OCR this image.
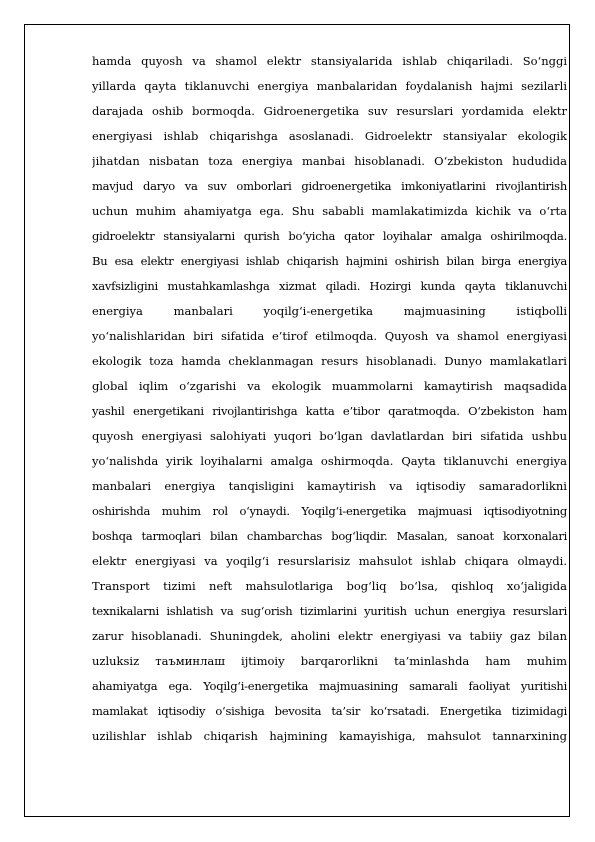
hamda quyosh va shamol elektr stansiyalarida ishlab chiqariladi. So‘nggi
yillarda qayta tiklanuvchi energiya manbalaridan foydalanish hajmi sezilarli
darajada oshib bormoqda. Gidroenergetika suv resurslari yordamida elektr
energiyasi ishlab chiqarishga asoslanadi. Gidroelektr stansiyalar ekologik
jihatdan nisbatan toza energiya manbai hisoblanadi. O‘zbekiston hududida
mavjud daryo va suv omborlari gidroenergetika imkoniyatlarini rivojlantirish
uchun muhim ahamiyatga ega. Shu sababli mamlakatimizda kichik va o‘rta
gidroelektr stansiyalarni qurish bo‘yicha qator loyihalar amalga oshirilmoqda.
Bu esa elektr energiyasi ishlab chiqarish hajmini oshirish bilan birga energiya
xavfsizligini mustahkamlashga xizmat qiladi. Hozirgi kunda qayta tiklanuvchi
energiya manbalari yoqilg‘i-energetika majmuasining istiqbolli
yo‘nalishlaridan biri sifatida e’tirof etilmoqda. Quyosh va shamol energiyasi
ekologik toza hamda cheklanmagan resurs hisoblanadi. Dunyo mamlakatlari
global iqlim o‘zgarishi va ekologik muammolarni kamaytirish maqsadida
yashil energetikani rivojlantirishga katta e’tibor qaratmoqda. O‘zbekiston ham
quyosh energiyasi salohiyati yuqori bo‘lgan davlatlardan biri sifatida ushbu
yo‘nalishda yirik loyihalarni amalga oshirmoqda. Qayta tiklanuvchi energiya
manbalari energiya tanqisligini kamaytirish va iqtisodiy samaradorlikni
oshirishda muhim rol o‘ynaydi. Yoqilg‘i-energetika majmuasi iqtisodiyotning
boshqa tarmoqlari bilan chambarchas bog‘liqdir. Masalan, sanoat korxonalari
elektr energiyasi va yoqilg‘i resurslarisiz mahsulot ishlab chiqara olmaydi.
Transport tizimi neft mahsulotlariga bog‘liq bo‘lsa, qishloq xo‘jaligida
texnikalarni ishlatish va sug‘orish tizimlarini yuritish uchun energiya resurslari
zarur hisoblanadi. Shuningdek, aholini elektr energiyasi va tabiiy gaz bilan
uzluksiz таъминлаш ijtimoiy barqarorlikni ta’minlashda ham muhim
ahamiyatga ega. Yoqilg‘i-energetika majmuasining samarali faoliyat yuritishi
mamlakat iqtisodiy o‘sishiga bevosita ta’sir ko‘rsatadi. Energetika tizimidagi
uzilishlar ishlab chiqarish hajmining kamayishiga, mahsulot tannarxining
